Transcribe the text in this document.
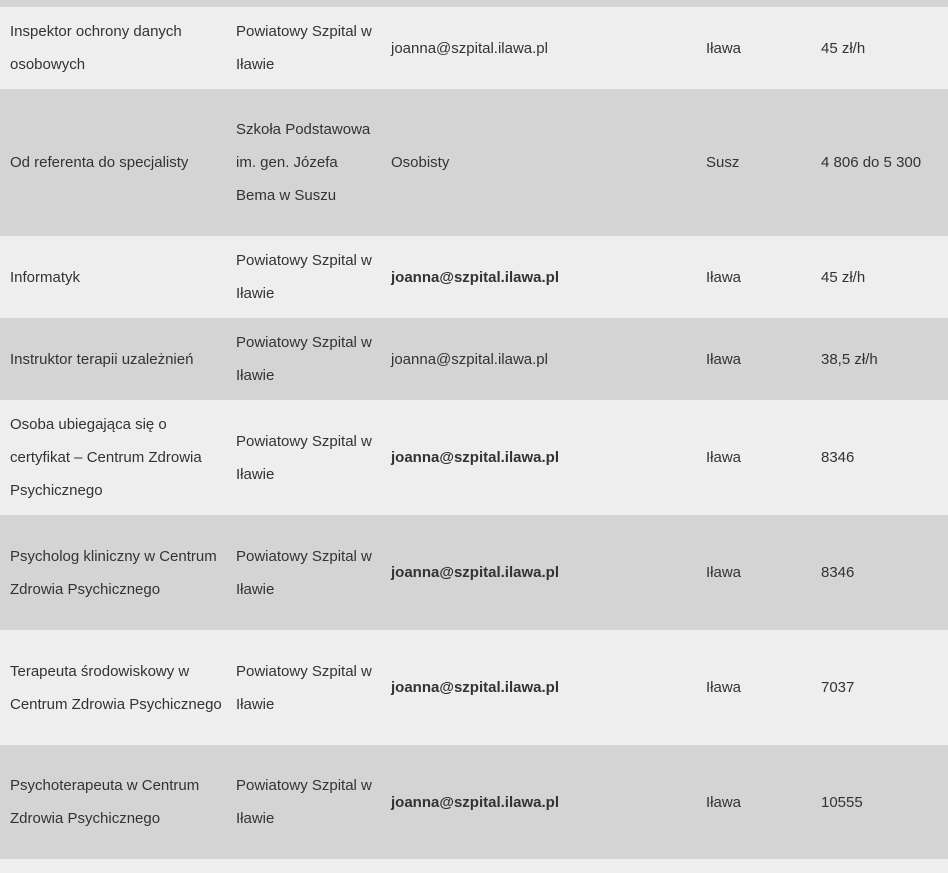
Inspektor ochrony danych osobowych	Powiatowy Szpital w Iławie	joanna@szpital.ilawa.pl	Iława	45 zł/h
Od referenta do specjalisty	Szkoła Podstawowa im. gen. Józefa Bema w Suszu	Osobisty	Susz	4 806 do 5 300
Informatyk	Powiatowy Szpital w Iławie	joanna@szpital.ilawa.pl	Iława	45 zł/h
Instruktor terapii uzależnień	Powiatowy Szpital w Iławie	joanna@szpital.ilawa.pl	Iława	38,5 zł/h
Osoba ubiegająca się o certyfikat – Centrum Zdrowia Psychicznego	Powiatowy Szpital w Iławie	joanna@szpital.ilawa.pl	Iława	8346
Psycholog kliniczny w Centrum Zdrowia Psychicznego	Powiatowy Szpital w Iławie	joanna@szpital.ilawa.pl	Iława	8346
Terapeuta środowiskowy w Centrum Zdrowia Psychicznego	Powiatowy Szpital w Iławie	joanna@szpital.ilawa.pl	Iława	7037
Psychoterapeuta w Centrum Zdrowia Psychicznego	Powiatowy Szpital w Iławie	joanna@szpital.ilawa.pl	Iława	10555
